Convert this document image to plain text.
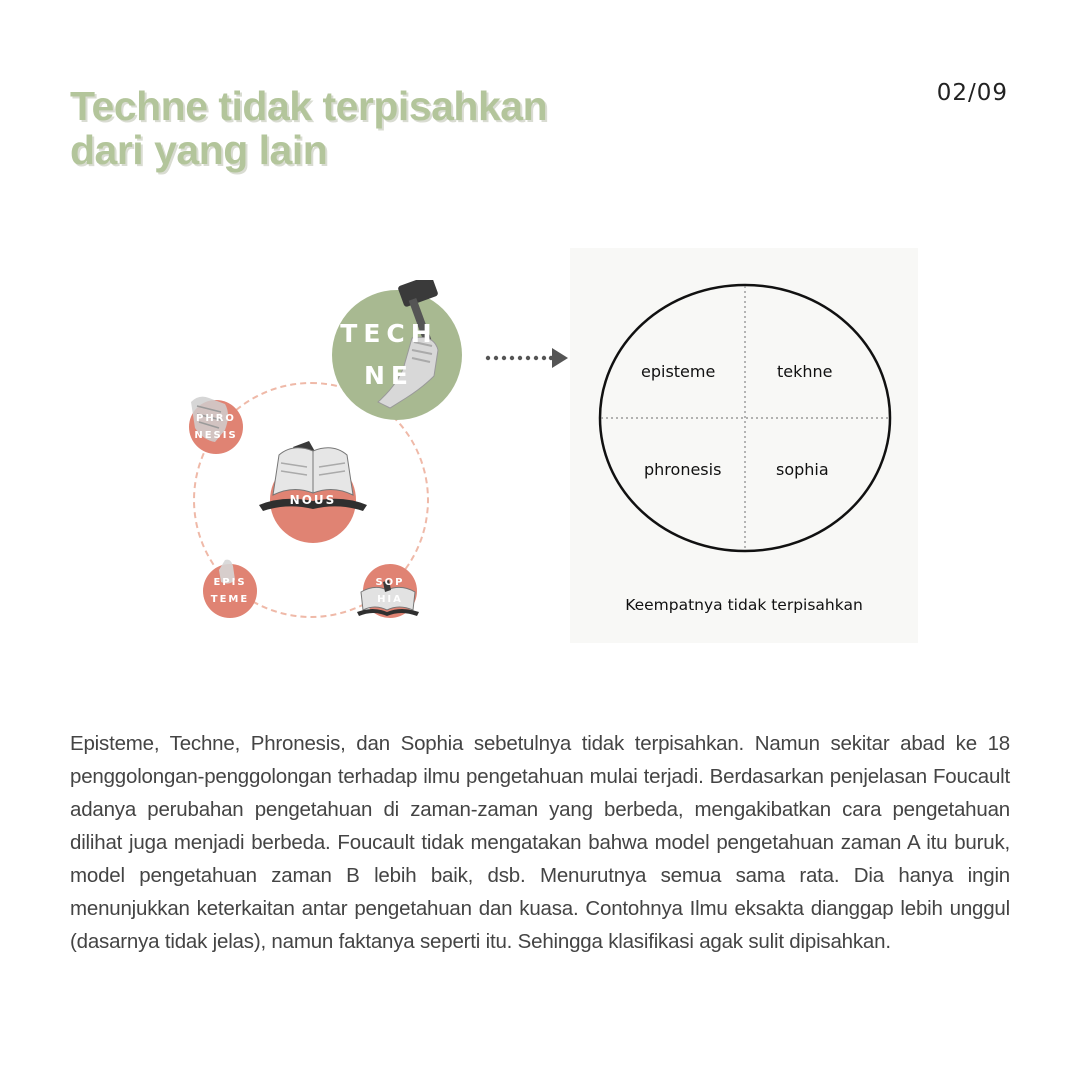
Techne tidak terpisahkan dari yang lain
02/09
TECH
NE
PHRO
NESIS
NOUS
EPIS
TEME
SOP
HIA
episteme	tekhne
phronesis	sophia
Keempatnya tidak terpisahkan

Episteme, Techne, Phronesis, dan Sophia sebetulnya tidak terpisahkan. Namun sekitar abad ke 18 penggolongan-penggolongan terhadap ilmu pengetahuan mulai terjadi. Berdasarkan penjelasan Foucault adanya perubahan pengetahuan di zaman-zaman yang berbeda, mengakibatkan cara pengetahuan dilihat juga menjadi berbeda. Foucault tidak mengatakan bahwa model pengetahuan zaman A itu buruk, model pengetahuan zaman B lebih baik, dsb. Menurutnya semua sama rata. Dia hanya ingin menunjukkan keterkaitan antar pengetahuan dan kuasa. Contohnya Ilmu eksakta dianggap lebih unggul (dasarnya tidak jelas), namun faktanya seperti itu. Sehingga klasifikasi agak sulit dipisahkan.
